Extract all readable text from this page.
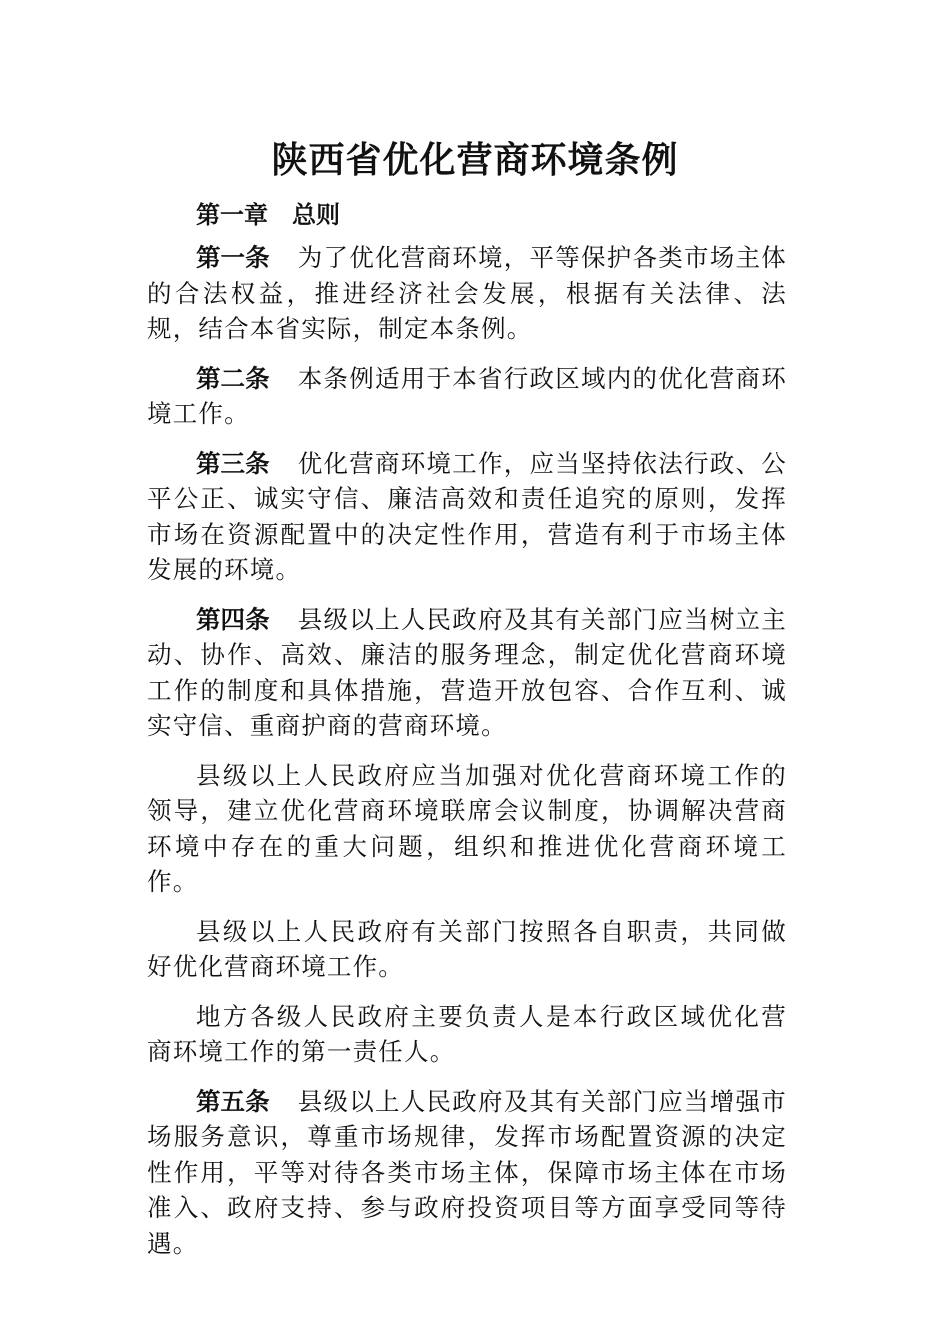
陕西省优化营商环境条例
第一章　总则

第一条 为了优化营商环境，平等保护各类市场主体的合法权益，推进经济社会发展，根据有关法律、法规，结合本省实际，制定本条例。

第二条 本条例适用于本省行政区域内的优化营商环境工作。

第三条 优化营商环境工作，应当坚持依法行政、公平公正、诚实守信、廉洁高效和责任追究的原则，发挥市场在资源配置中的决定性作用，营造有利于市场主体发展的环境。

第四条 县级以上人民政府及其有关部门应当树立主动、协作、高效、廉洁的服务理念，制定优化营商环境工作的制度和具体措施，营造开放包容、合作互利、诚实守信、重商护商的营商环境。

县级以上人民政府应当加强对优化营商环境工作的领导，建立优化营商环境联席会议制度，协调解决营商环境中存在的重大问题，组织和推进优化营商环境工作。

县级以上人民政府有关部门按照各自职责，共同做好优化营商环境工作。

地方各级人民政府主要负责人是本行政区域优化营商环境工作的第一责任人。

第五条 县级以上人民政府及其有关部门应当增强市场服务意识，尊重市场规律，发挥市场配置资源的决定性作用，平等对待各类市场主体，保障市场主体在市场准入、政府支持、参与政府投资项目等方面享受同等待遇。
